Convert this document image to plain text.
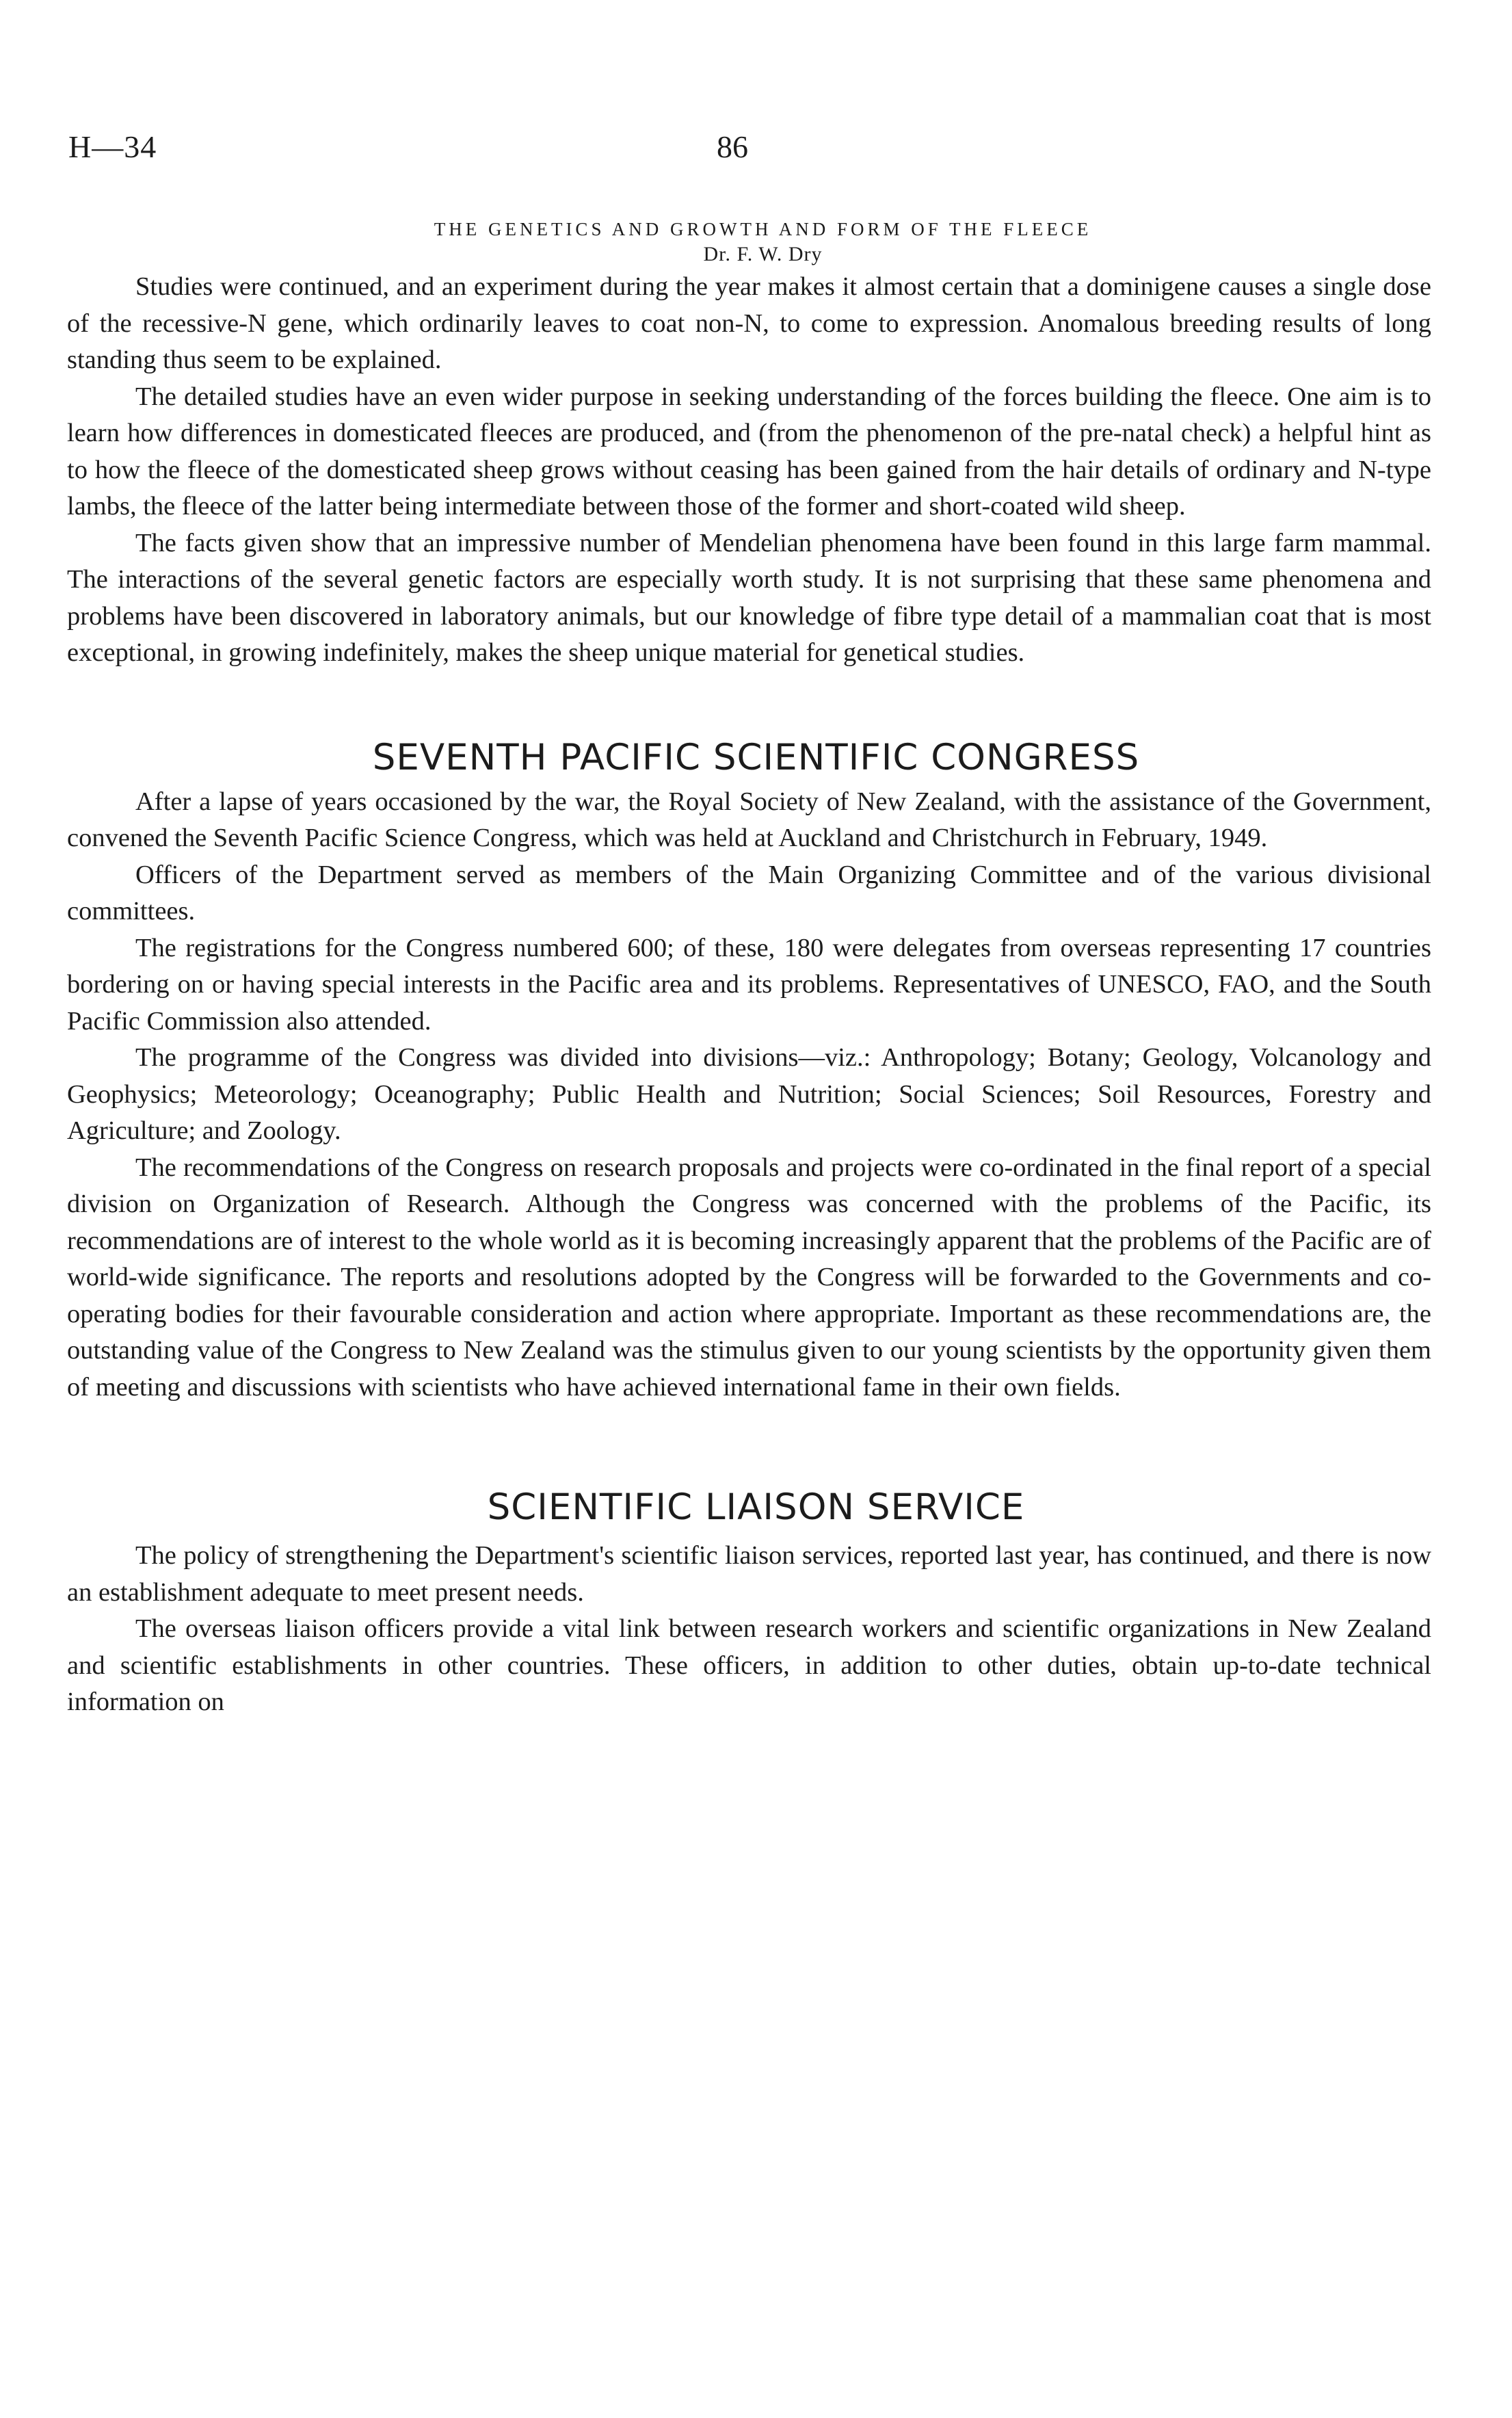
H—34	86
THE GENETICS AND GROWTH AND FORM OF THE FLEECE
Dr. F. W. Dry

Studies were continued, and an experiment during the year makes it almost certain that a dominigene causes a single dose of the recessive-N gene, which ordinarily leaves to coat non-N, to come to expression. Anomalous breeding results of long standing thus seem to be explained.

The detailed studies have an even wider purpose in seeking understanding of the forces building the fleece. One aim is to learn how differences in domesticated fleeces are produced, and (from the phenomenon of the pre-natal check) a helpful hint as to how the fleece of the domesticated sheep grows without ceasing has been gained from the hair details of ordinary and N-type lambs, the fleece of the latter being intermediate between those of the former and short-coated wild sheep.

The facts given show that an impressive number of Mendelian phenomena have been found in this large farm mammal. The interactions of the several genetic factors are especially worth study. It is not surprising that these same phenomena and problems have been discovered in laboratory animals, but our knowledge of fibre type detail of a mammalian coat that is most exceptional, in growing indefinitely, makes the sheep unique material for genetical studies.

SEVENTH PACIFIC SCIENTIFIC CONGRESS

After a lapse of years occasioned by the war, the Royal Society of New Zealand, with the assistance of the Government, convened the Seventh Pacific Science Congress, which was held at Auckland and Christchurch in February, 1949.

Officers of the Department served as members of the Main Organizing Committee and of the various divisional committees.

The registrations for the Congress numbered 600; of these, 180 were delegates from overseas representing 17 countries bordering on or having special interests in the Pacific area and its problems. Representatives of UNESCO, FAO, and the South Pacific Commission also attended.

The programme of the Congress was divided into divisions—viz.: Anthropology; Botany; Geology, Volcanology and Geophysics; Meteorology; Oceanography; Public Health and Nutrition; Social Sciences; Soil Resources, Forestry and Agriculture; and Zoology.

The recommendations of the Congress on research proposals and projects were co-ordinated in the final report of a special division on Organization of Research. Although the Congress was concerned with the problems of the Pacific, its recommendations are of interest to the whole world as it is becoming increasingly apparent that the problems of the Pacific are of world-wide significance. The reports and resolutions adopted by the Congress will be forwarded to the Governments and co-operating bodies for their favourable consideration and action where appropriate. Important as these recommendations are, the outstanding value of the Congress to New Zealand was the stimulus given to our young scientists by the opportunity given them of meeting and discussions with scientists who have achieved international fame in their own fields.

SCIENTIFIC LIAISON SERVICE

The policy of strengthening the Department's scientific liaison services, reported last year, has continued, and there is now an establishment adequate to meet present needs.

The overseas liaison officers provide a vital link between research workers and scientific organizations in New Zealand and scientific establishments in other countries. These officers, in addition to other duties, obtain up-to-date technical information on
